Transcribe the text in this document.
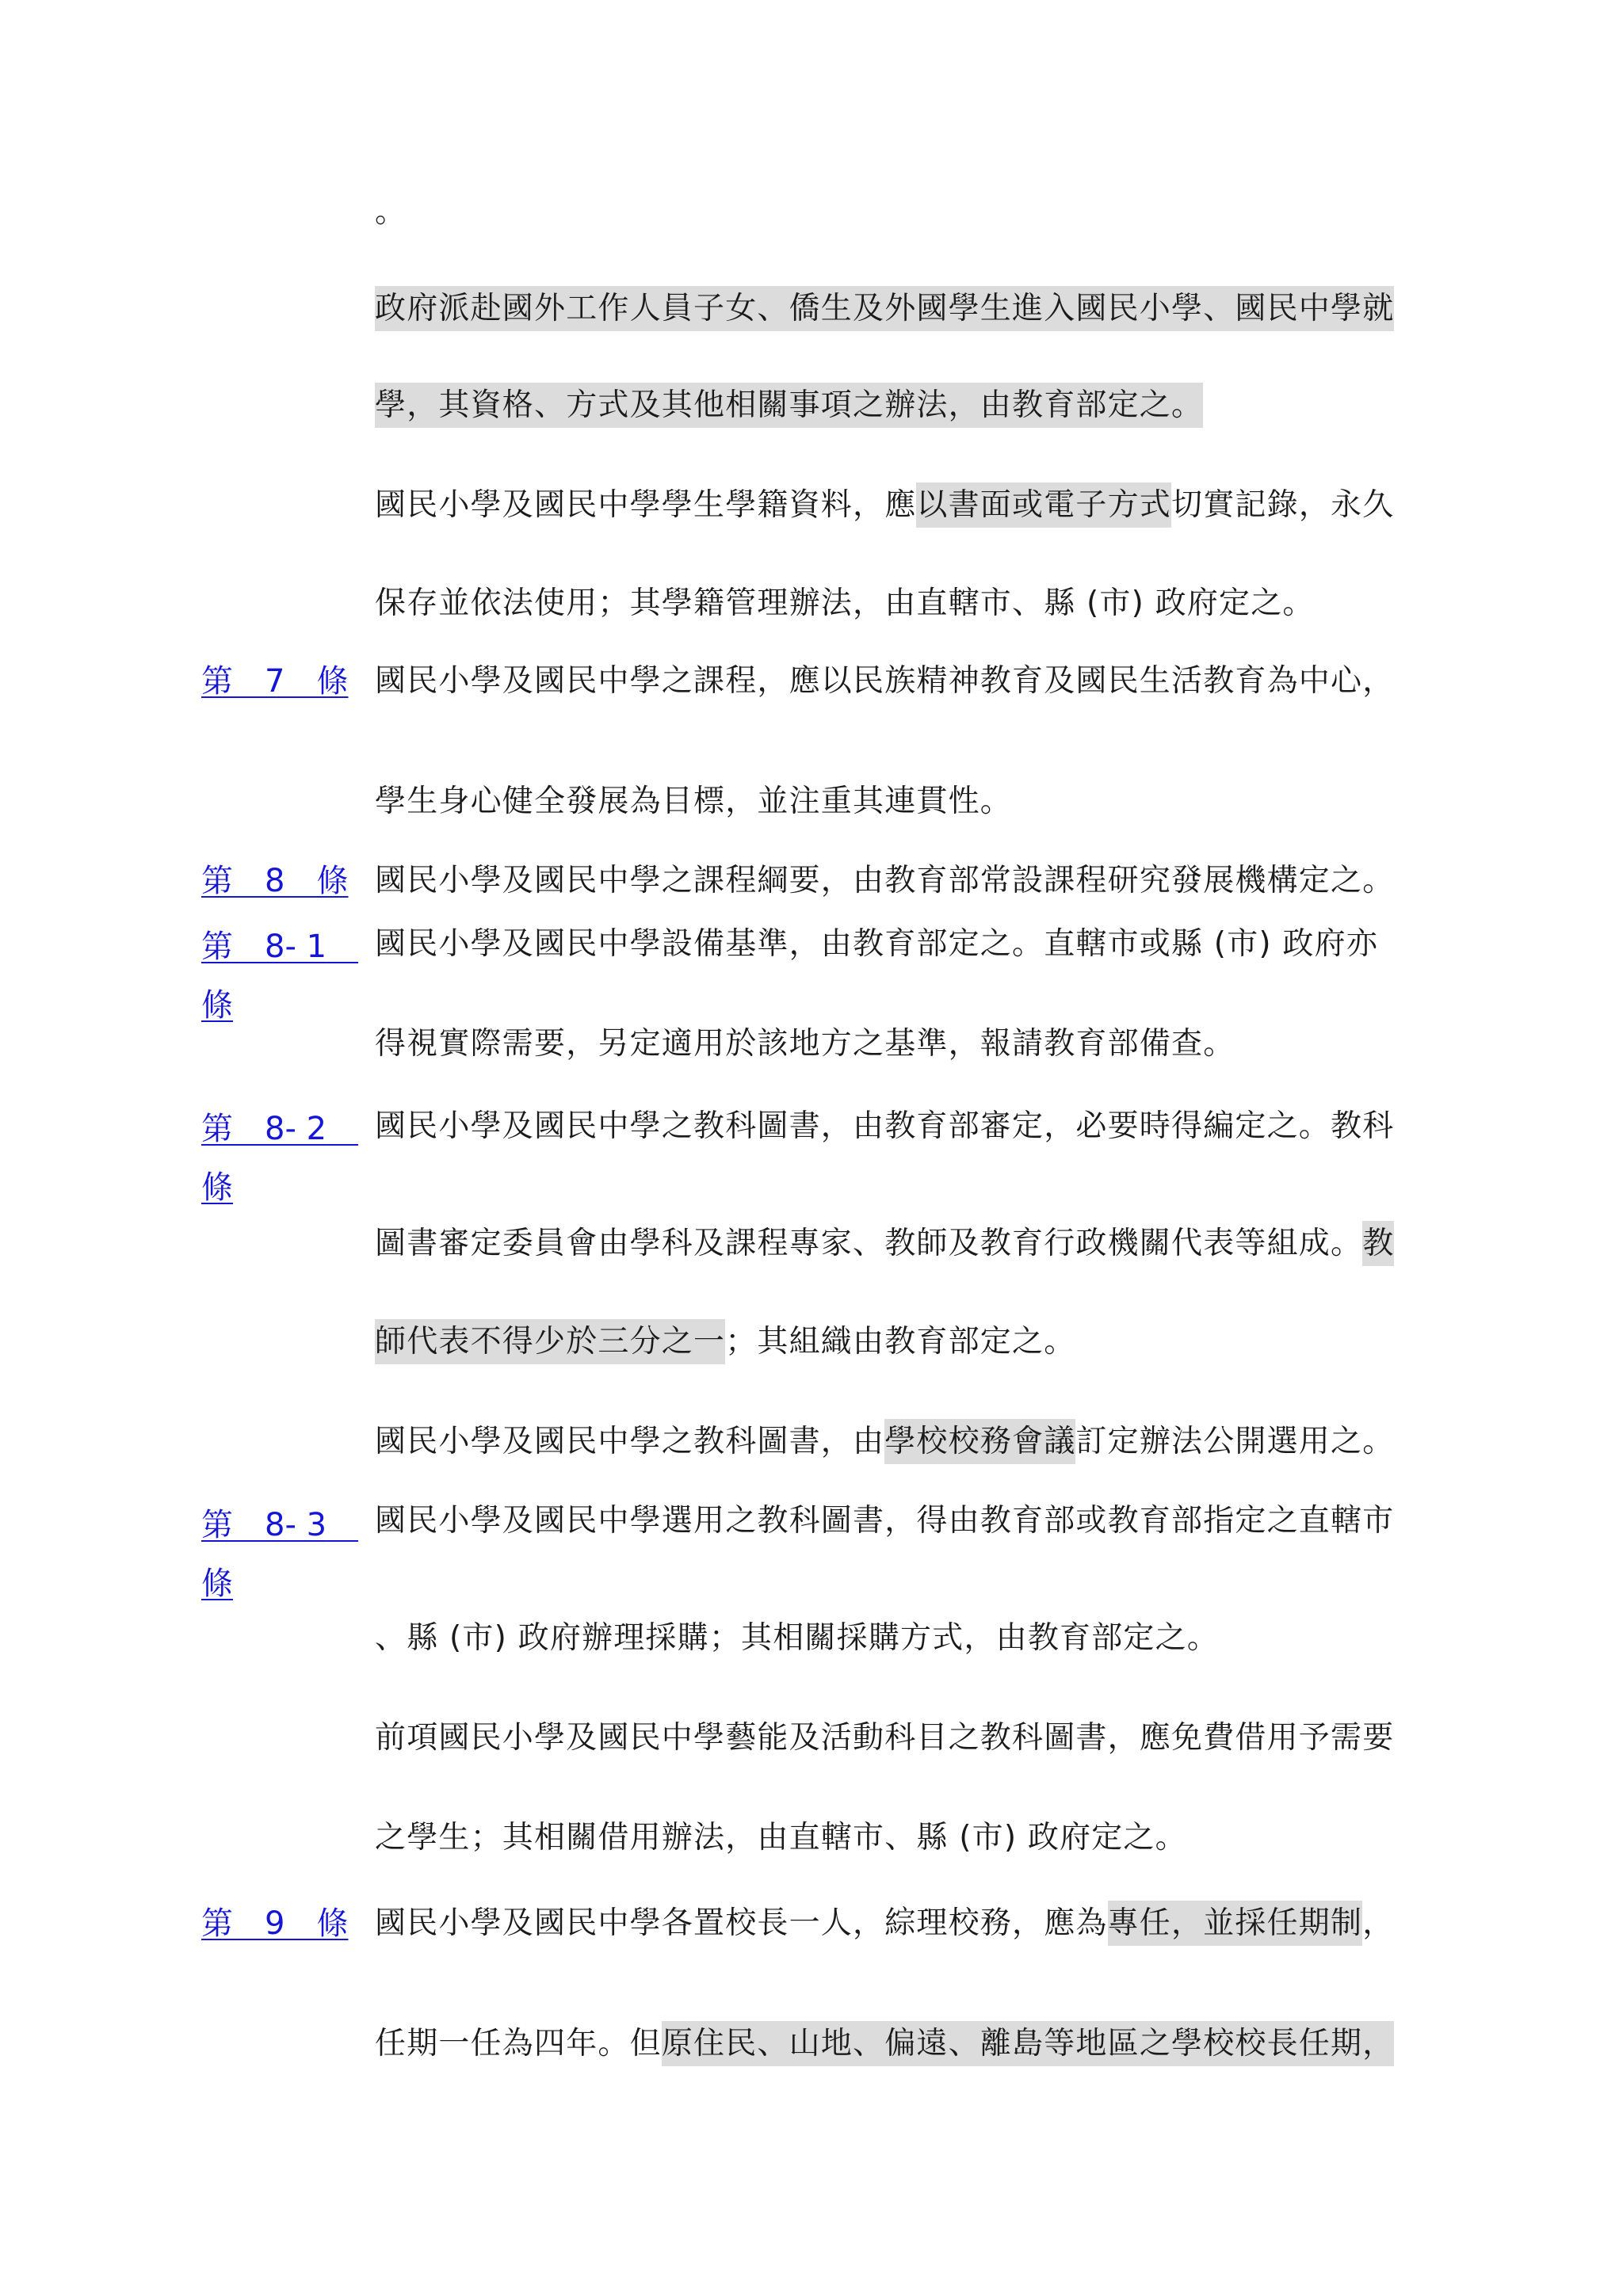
第　7　條
第　8　條
第　8- 1　條
第　8- 2　條
第　8- 3　條
第　9　條
。
政府派赴國外工作人員子女、僑生及外國學生進入國民小學、國民中學就
學，其資格、方式及其他相關事項之辦法，由教育部定之。
國民小學及國民中學學生學籍資料，應以書面或電子方式切實記錄，永久
保存並依法使用；其學籍管理辦法，由直轄市、縣 (市) 政府定之。
國民小學及國民中學之課程，應以民族精神教育及國民生活教育為中心，
學生身心健全發展為目標，並注重其連貫性。
國民小學及國民中學之課程綱要，由教育部常設課程研究發展機構定之。
國民小學及國民中學設備基準，由教育部定之。直轄市或縣 (市) 政府亦
得視實際需要，另定適用於該地方之基準，報請教育部備查。
國民小學及國民中學之教科圖書，由教育部審定，必要時得編定之。教科
圖書審定委員會由學科及課程專家、教師及教育行政機關代表等組成。教
師代表不得少於三分之一；其組織由教育部定之。
國民小學及國民中學之教科圖書，由學校校務會議訂定辦法公開選用之。
國民小學及國民中學選用之教科圖書，得由教育部或教育部指定之直轄市
、縣 (市) 政府辦理採購；其相關採購方式，由教育部定之。
前項國民小學及國民中學藝能及活動科目之教科圖書，應免費借用予需要
之學生；其相關借用辦法，由直轄市、縣 (市) 政府定之。
國民小學及國民中學各置校長一人，綜理校務，應為專任，並採任期制，
任期一任為四年。但原住民、山地、偏遠、離島等地區之學校校長任期，
